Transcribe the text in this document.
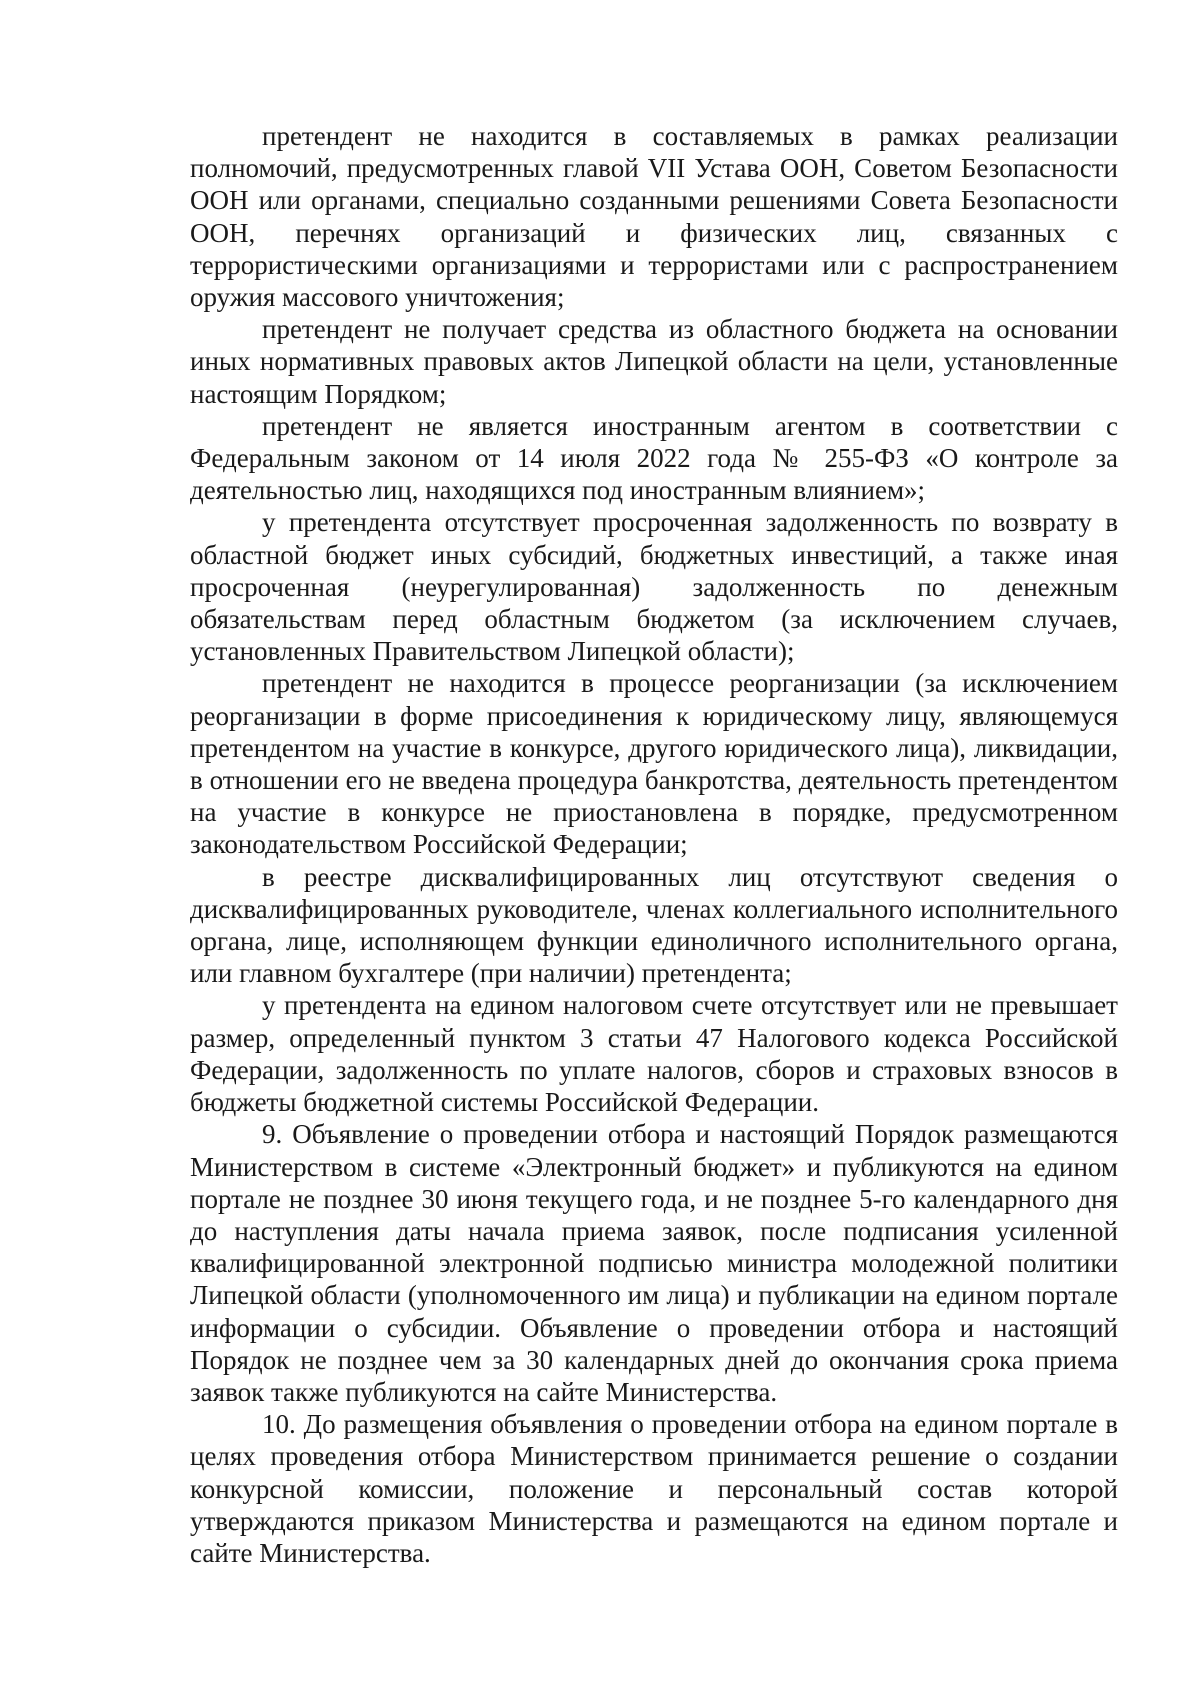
претендент не находится в составляемых в рамках реализации полномочий, предусмотренных главой VII Устава ООН, Советом Безопасности ООН или органами, специально созданными решениями Совета Безопасности ООН, перечнях организаций и физических лиц, связанных с террористическими организациями и террористами или с распространением оружия массового уничтожения;

претендент не получает средства из областного бюджета на основании иных нормативных правовых актов Липецкой области на цели, установленные настоящим Порядком;

претендент не является иностранным агентом в соответствии с Федеральным законом от 14 июля 2022 года № 255-ФЗ «О контроле за деятельностью лиц, находящихся под иностранным влиянием»;

у претендента отсутствует просроченная задолженность по возврату в областной бюджет иных субсидий, бюджетных инвестиций, а также иная просроченная (неурегулированная) задолженность по денежным обязательствам перед областным бюджетом (за исключением случаев, установленных Правительством Липецкой области);

претендент не находится в процессе реорганизации (за исключением реорганизации в форме присоединения к юридическому лицу, являющемуся претендентом на участие в конкурсе, другого юридического лица), ликвидации, в отношении его не введена процедура банкротства, деятельность претендентом на участие в конкурсе не приостановлена в порядке, предусмотренном законодательством Российской Федерации;

в реестре дисквалифицированных лиц отсутствуют сведения о дисквалифицированных руководителе, членах коллегиального исполнительного органа, лице, исполняющем функции единоличного исполнительного органа, или главном бухгалтере (при наличии) претендента;

у претендента на едином налоговом счете отсутствует или не превышает размер, определенный пунктом 3 статьи 47 Налогового кодекса Российской Федерации, задолженность по уплате налогов, сборов и страховых взносов в бюджеты бюджетной системы Российской Федерации.

9. Объявление о проведении отбора и настоящий Порядок размещаются Министерством в системе «Электронный бюджет» и публикуются на едином портале не позднее 30 июня текущего года, и не позднее 5-го календарного дня до наступления даты начала приема заявок, после подписания усиленной квалифицированной электронной подписью министра молодежной политики Липецкой области (уполномоченного им лица) и публикации на едином портале информации о субсидии. Объявление о проведении отбора и настоящий Порядок не позднее чем за 30 календарных дней до окончания срока приема заявок также публикуются на сайте Министерства.

10. До размещения объявления о проведении отбора на едином портале в целях проведения отбора Министерством принимается решение о создании конкурсной комиссии, положение и персональный состав которой утверждаются приказом Министерства и размещаются на едином портале и сайте Министерства.
